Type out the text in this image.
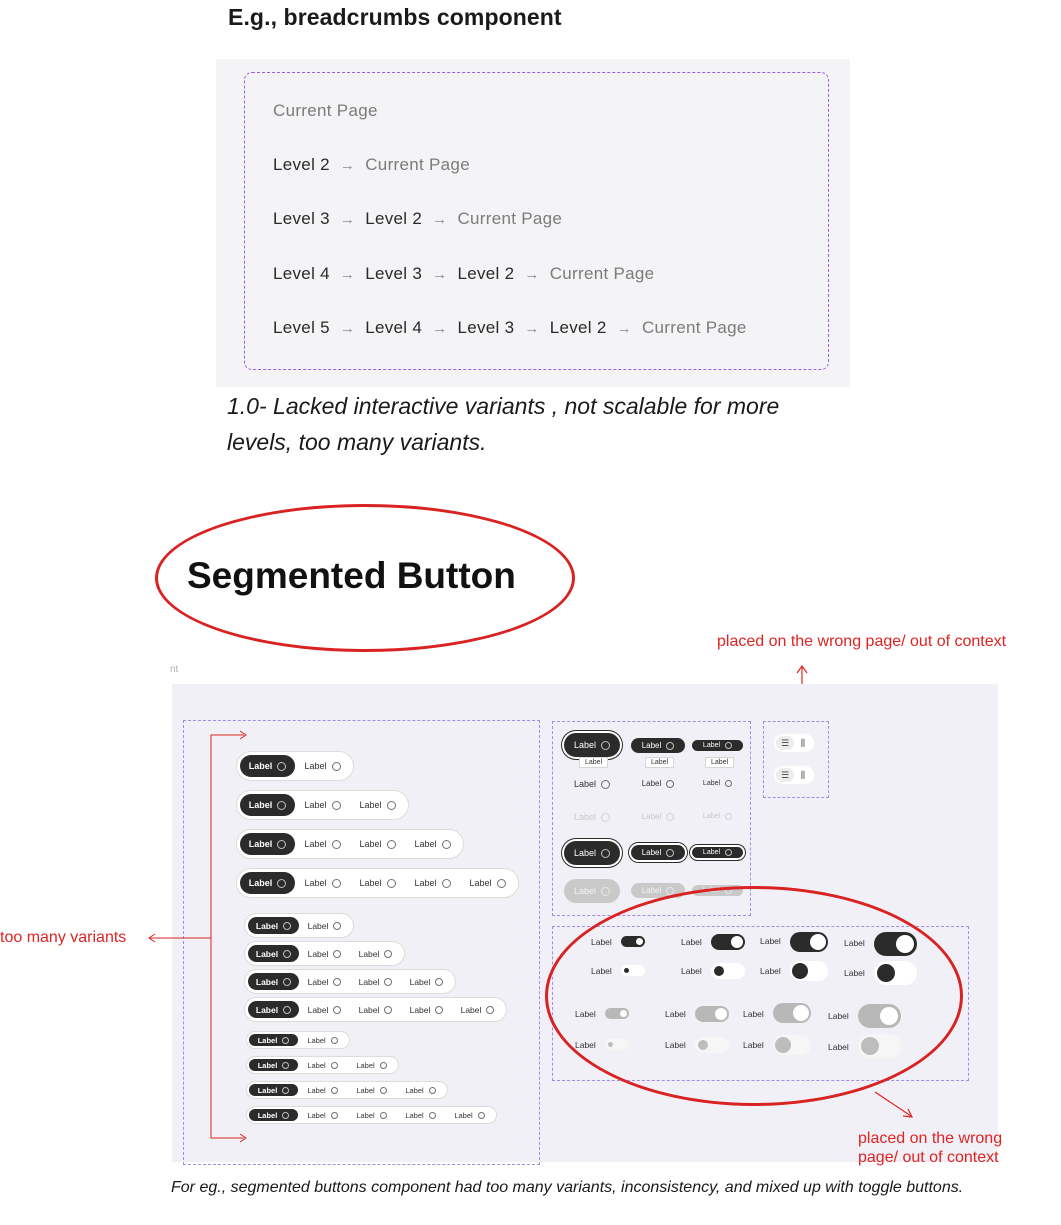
E.g., breadcrumbs component
Current Page
Level 2 → Current Page
Level 3 → Level 2 → Current Page
Level 4 → Level 3 → Level 2 → Current Page
Level 5 → Level 4 → Level 3 → Level 2 → Current Page
1.0- Lacked interactive variants , not scalable for more levels, too many variants.
Segmented Button
placed on the wrong page/ out of context
nt
too many variants
Label	Label
Label	Label	Label
Label	Label	Label	Label
Label	Label	Label	Label	Label
Label	Label
Label	Label	Label
Label	Label	Label	Label
Label	Label	Label	Label	Label
Label	Label
Label	Label	Label
Label	Label	Label	Label
Label	Label	Label	Label	Label
Label	Label	Label
Label	Label	Label
Label	Label	Label
Label	Label	Label
Label	Label	Label
Label	Label	Label
☰	⫼
☰	⫼
Label	Label	Label	Label
Label	Label	Label	Label
Label	Label	Label	Label
Label	Label	Label	Label
placed on the wrong
page/ out of context
For eg., segmented buttons component had too many variants, inconsistency, and mixed up with toggle buttons.
